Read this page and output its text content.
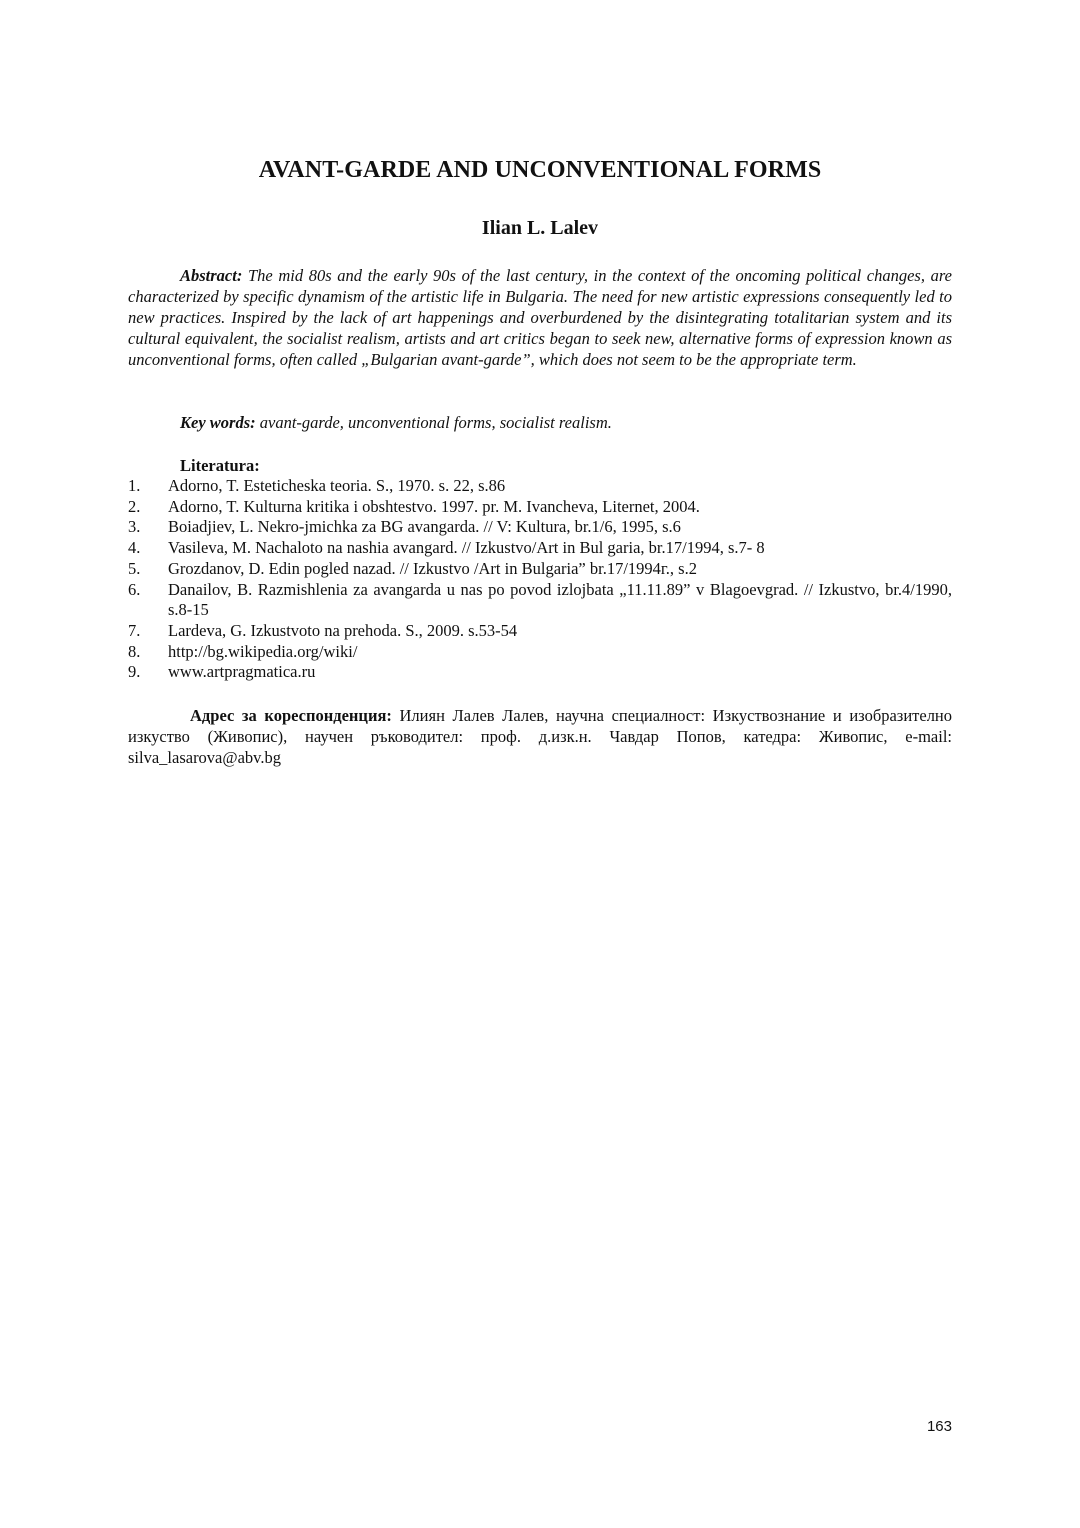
AVANT-GARDE AND UNCONVENTIONAL FORMS
Ilian L. Lalev

Abstract: The mid 80s and the early 90s of the last century, in the context of the oncoming political changes, are characterized by specific dynamism of the artistic life in Bulgaria. The need for new artistic expressions consequently led to new practices. Inspired by the lack of art happenings and overburdened by the disintegrating totalitarian system and its cultural equivalent, the socialist realism, artists and art critics began to seek new, alternative forms of expression known as unconventional forms, often called „Bulgarian avant-garde”, which does not seem to be the appropriate term.

Key words: avant-garde, unconventional forms, socialist realism.

Literatura:
1. Adorno, T. Esteticheska teoria. S., 1970. s. 22, s.86
2. Adorno, T. Kulturna kritika i obshtestvo. 1997. pr. M. Ivancheva, Liternet, 2004.
3. Boiadjiev, L. Nekro-jmichka za BG avangarda. // V: Kultura, br.1/6, 1995, s.6
4. Vasileva, M. Nachaloto na nashia avangard. // Izkustvo/Art in Bul garia, br.17/1994, s.7- 8
5. Grozdanov, D. Edin pogled nazad. // Izkustvo /Art in Bulgaria” br.17/1994г., s.2
6. Danailov, B. Razmishlenia za avangarda u nas po povod izlojbata „11.11.89” v Blagoevgrad. // Izkustvo, br.4/1990, s.8-15
7. Lardeva, G. Izkustvoto na prehoda. S., 2009. s.53-54
8. http://bg.wikipedia.org/wiki/
9. www.artpragmatica.ru

Адрес за кореспонденция: Илиян Лалев Лалев, научна специалност: Изкуствознание и изобразително изкуство (Живопис), научен ръководител: проф. д.изк.н. Чавдар Попов, катедра: Живопис, e-mail: silva_lasarova@abv.bg

163
